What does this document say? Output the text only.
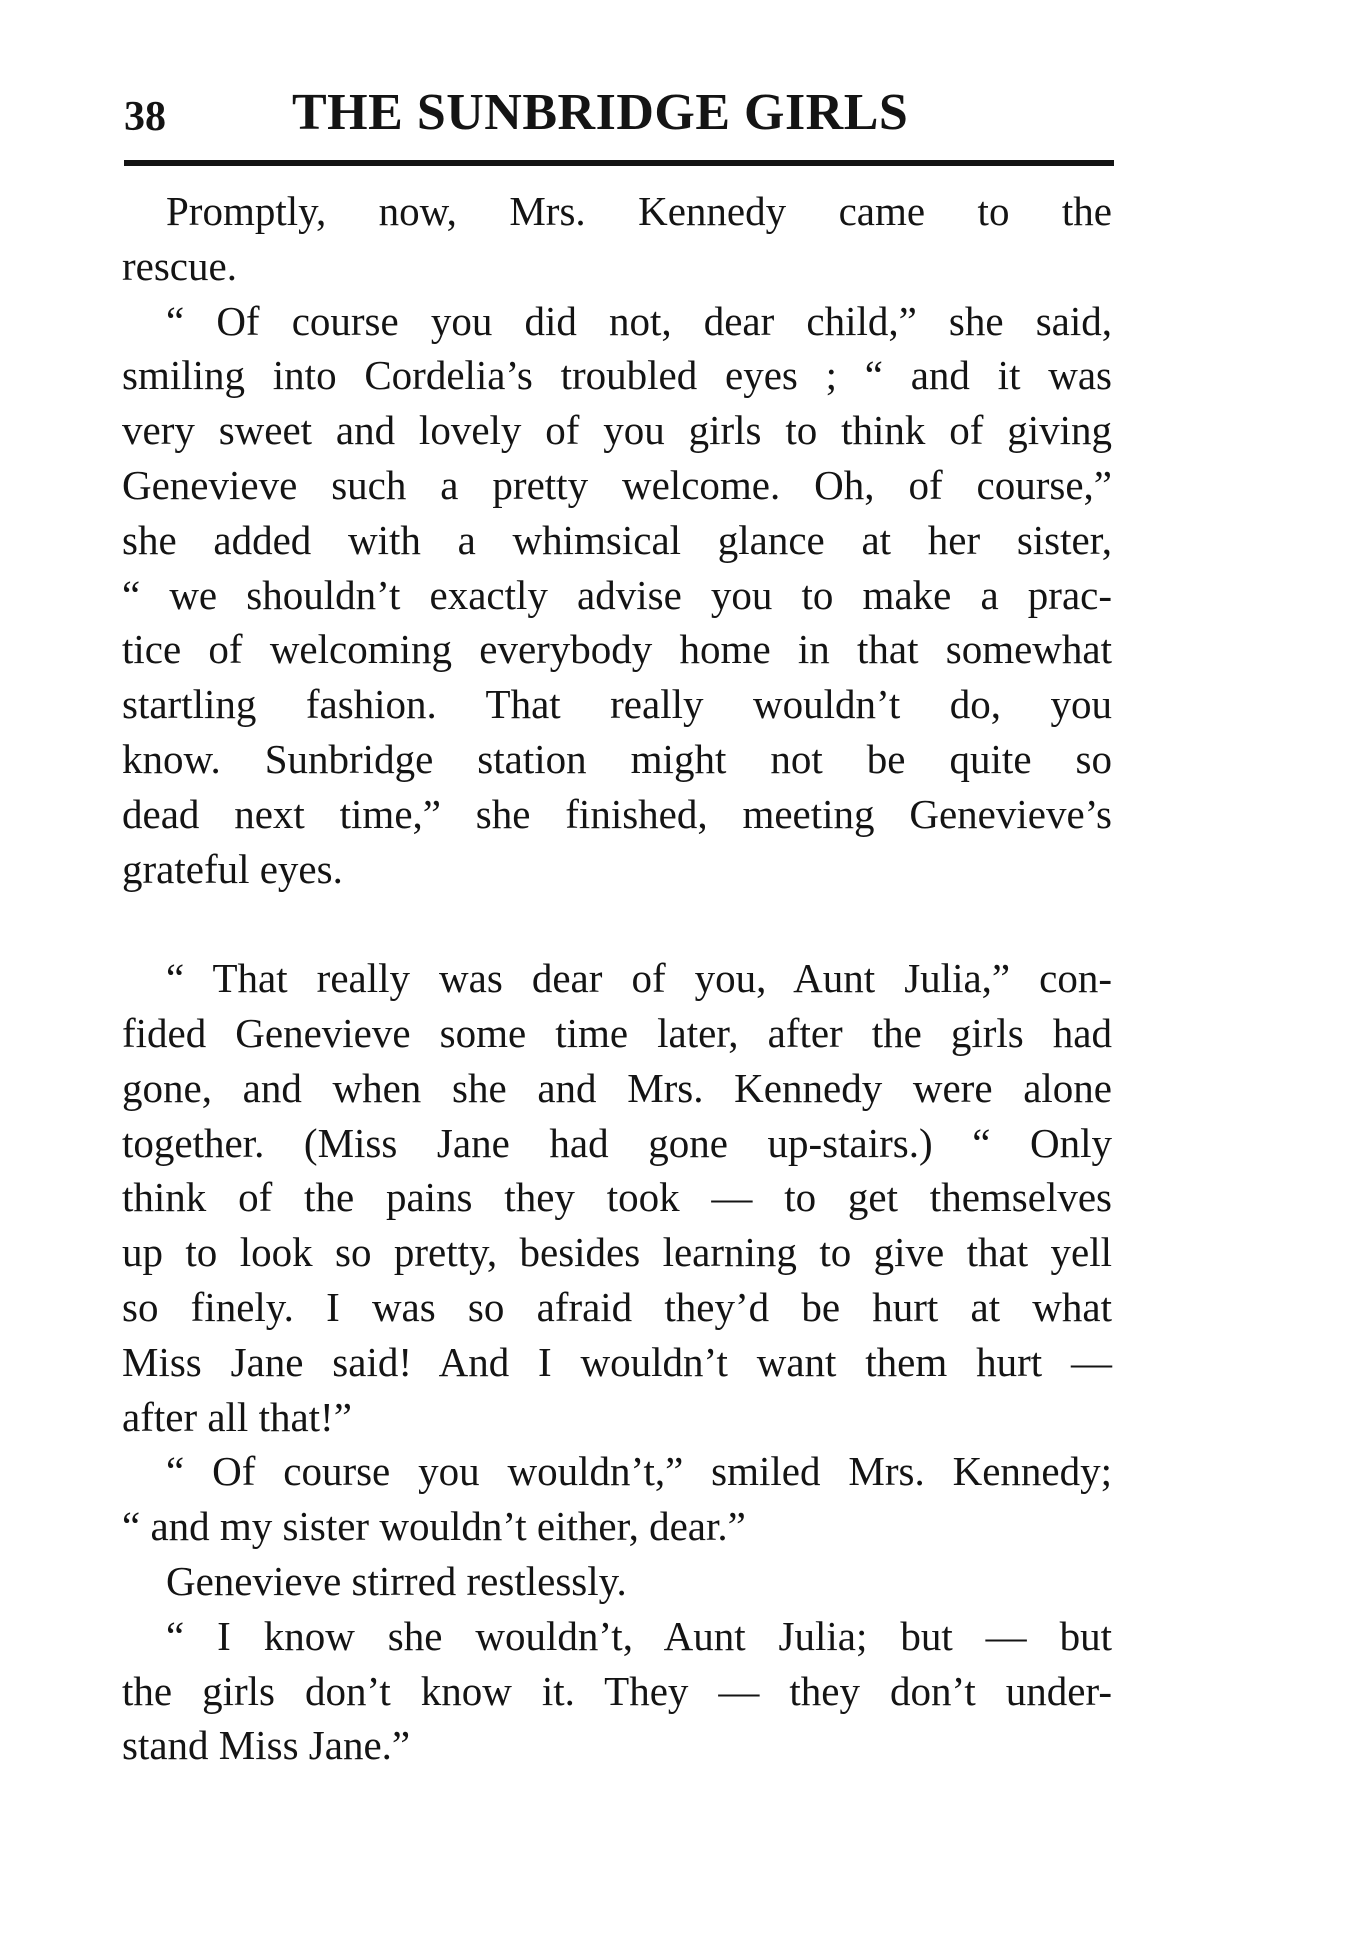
38 THE SUNBRIDGE GIRLS
Promptly, now, Mrs. Kennedy came to the
rescue.
“ Of course you did not, dear child,” she said,
smiling into Cordelia’s troubled eyes ; “ and it was
very sweet and lovely of you girls to think of giving
Genevieve such a pretty welcome. Oh, of course,”
she added with a whimsical glance at her sister,
“ we shouldn’t exactly advise you to make a prac-
tice of welcoming everybody home in that somewhat
startling fashion. That really wouldn’t do, you
know. Sunbridge station might not be quite so
dead next time,” she finished, meeting Genevieve’s
grateful eyes.
“ That really was dear of you, Aunt Julia,” con-
fided Genevieve some time later, after the girls had
gone, and when she and Mrs. Kennedy were alone
together. (Miss Jane had gone up-stairs.) “ Only
think of the pains they took — to get themselves
up to look so pretty, besides learning to give that yell
so finely. I was so afraid they’d be hurt at what
Miss Jane said! And I wouldn’t want them hurt —
after all that!”
“ Of course you wouldn’t,” smiled Mrs. Kennedy;
“ and my sister wouldn’t either, dear.”
Genevieve stirred restlessly.
“ I know she wouldn’t, Aunt Julia; but — but
the girls don’t know it. They — they don’t under-
stand Miss Jane.”
